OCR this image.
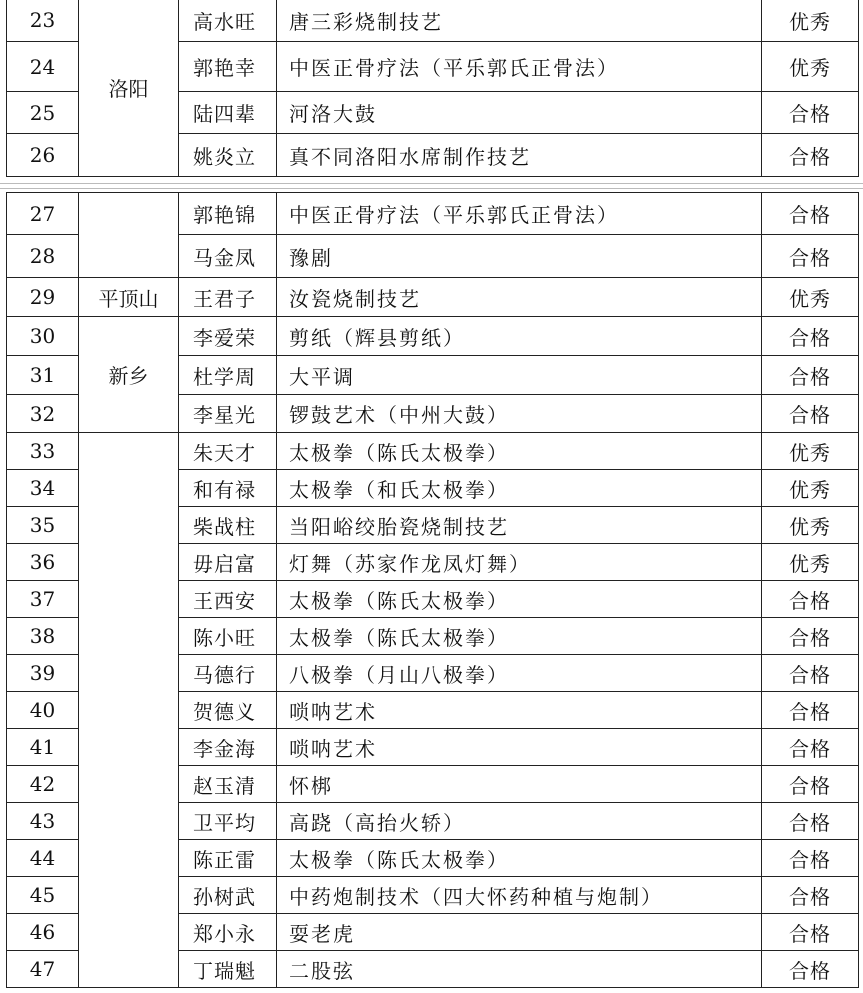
23	洛阳	高水旺	唐三彩烧制技艺	优秀
24		郭艳幸	中医正骨疗法（平乐郭氏正骨法）	优秀
25		陆四辈	河洛大鼓	合格
26		姚炎立	真不同洛阳水席制作技艺	合格
27		郭艳锦	中医正骨疗法（平乐郭氏正骨法）	合格
28		马金凤	豫剧	合格
29	平顶山	王君子	汝瓷烧制技艺	优秀
30	新乡	李爱荣	剪纸（辉县剪纸）	合格
31		杜学周	大平调	合格
32		李星光	锣鼓艺术（中州大鼓）	合格
33		朱天才	太极拳（陈氏太极拳）	优秀
34		和有禄	太极拳（和氏太极拳）	优秀
35		柴战柱	当阳峪绞胎瓷烧制技艺	优秀
36		毋启富	灯舞（苏家作龙凤灯舞）	优秀
37		王西安	太极拳（陈氏太极拳）	合格
38		陈小旺	太极拳（陈氏太极拳）	合格
39		马德行	八极拳（月山八极拳）	合格
40		贺德义	唢呐艺术	合格
41		李金海	唢呐艺术	合格
42		赵玉清	怀梆	合格
43		卫平均	高跷（高抬火轿）	合格
44		陈正雷	太极拳（陈氏太极拳）	合格
45		孙树武	中药炮制技术（四大怀药种植与炮制）	合格
46		郑小永	耍老虎	合格
47		丁瑞魁	二股弦	合格
